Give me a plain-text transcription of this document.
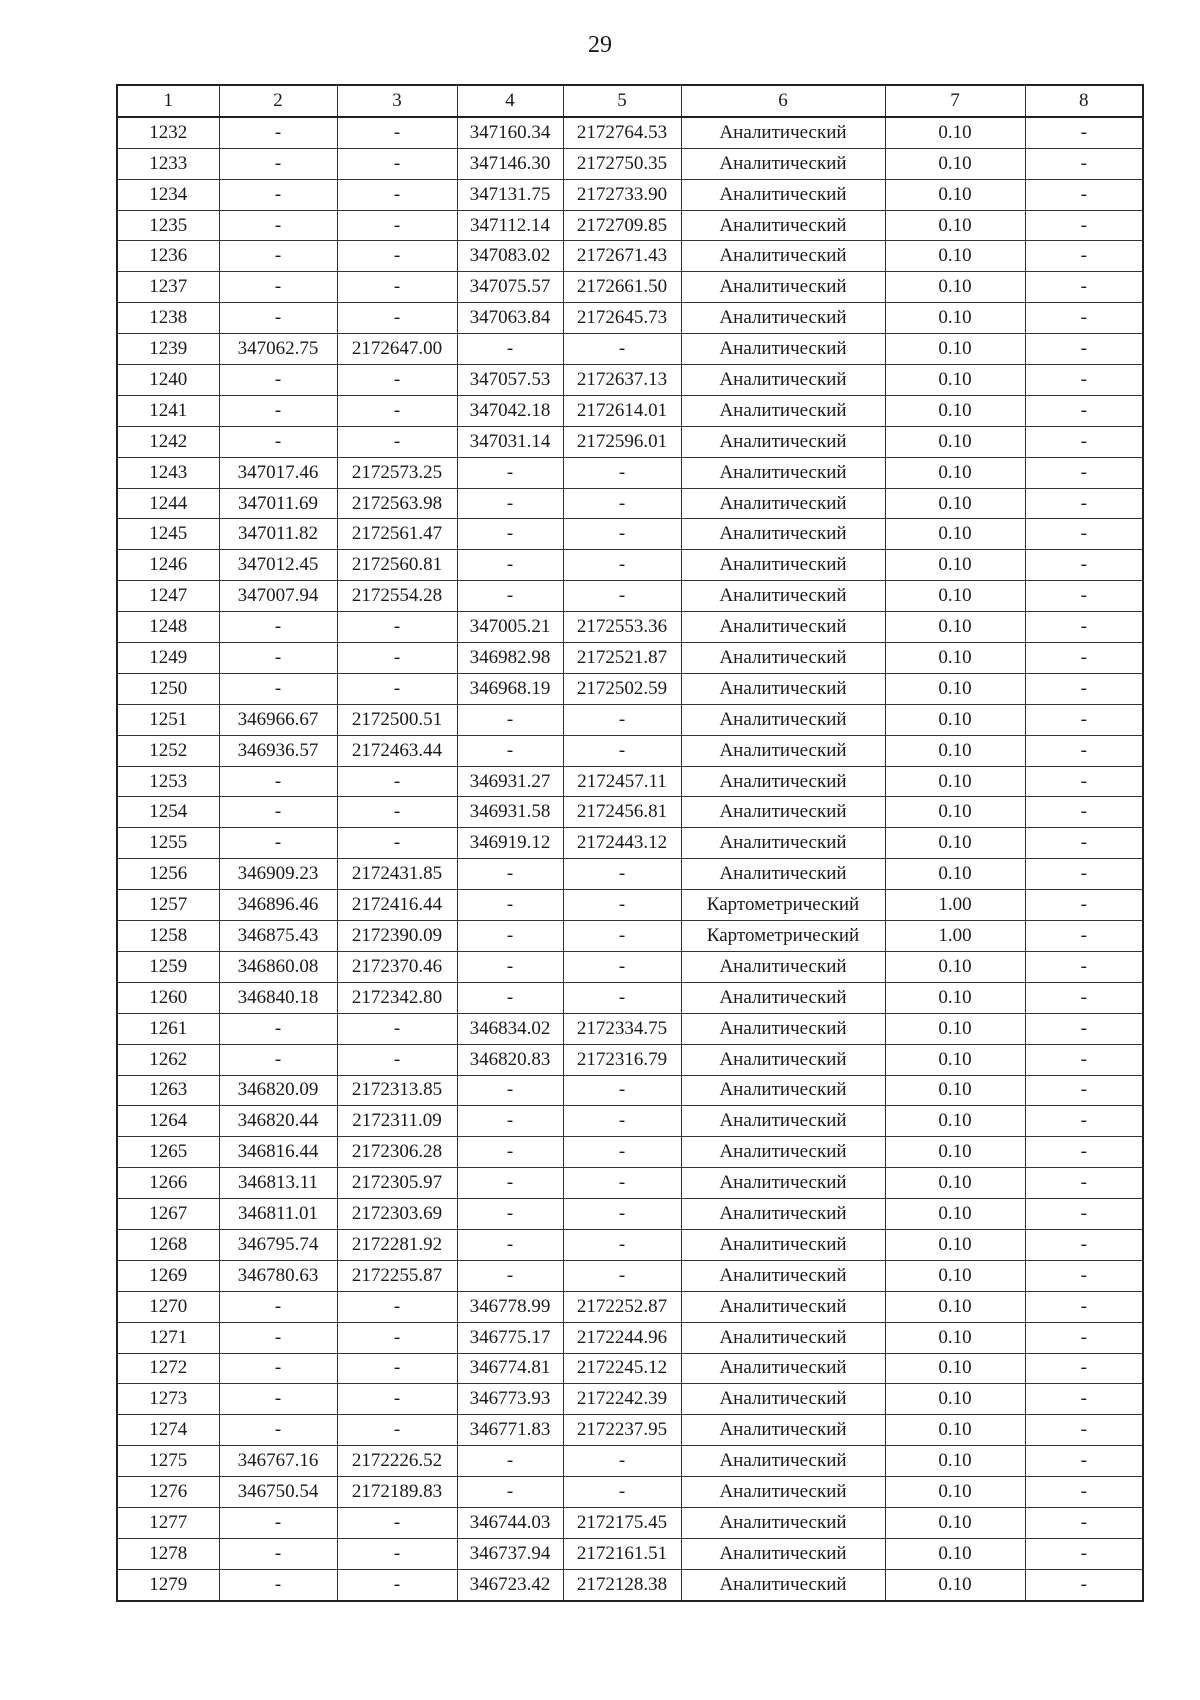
29
1	2	3	4	5	6	7	8
1232	-	-	347160.34	2172764.53	Аналитический	0.10	-
1233	-	-	347146.30	2172750.35	Аналитический	0.10	-
1234	-	-	347131.75	2172733.90	Аналитический	0.10	-
1235	-	-	347112.14	2172709.85	Аналитический	0.10	-
1236	-	-	347083.02	2172671.43	Аналитический	0.10	-
1237	-	-	347075.57	2172661.50	Аналитический	0.10	-
1238	-	-	347063.84	2172645.73	Аналитический	0.10	-
1239	347062.75	2172647.00	-	-	Аналитический	0.10	-
1240	-	-	347057.53	2172637.13	Аналитический	0.10	-
1241	-	-	347042.18	2172614.01	Аналитический	0.10	-
1242	-	-	347031.14	2172596.01	Аналитический	0.10	-
1243	347017.46	2172573.25	-	-	Аналитический	0.10	-
1244	347011.69	2172563.98	-	-	Аналитический	0.10	-
1245	347011.82	2172561.47	-	-	Аналитический	0.10	-
1246	347012.45	2172560.81	-	-	Аналитический	0.10	-
1247	347007.94	2172554.28	-	-	Аналитический	0.10	-
1248	-	-	347005.21	2172553.36	Аналитический	0.10	-
1249	-	-	346982.98	2172521.87	Аналитический	0.10	-
1250	-	-	346968.19	2172502.59	Аналитический	0.10	-
1251	346966.67	2172500.51	-	-	Аналитический	0.10	-
1252	346936.57	2172463.44	-	-	Аналитический	0.10	-
1253	-	-	346931.27	2172457.11	Аналитический	0.10	-
1254	-	-	346931.58	2172456.81	Аналитический	0.10	-
1255	-	-	346919.12	2172443.12	Аналитический	0.10	-
1256	346909.23	2172431.85	-	-	Аналитический	0.10	-
1257	346896.46	2172416.44	-	-	Картометрический	1.00	-
1258	346875.43	2172390.09	-	-	Картометрический	1.00	-
1259	346860.08	2172370.46	-	-	Аналитический	0.10	-
1260	346840.18	2172342.80	-	-	Аналитический	0.10	-
1261	-	-	346834.02	2172334.75	Аналитический	0.10	-
1262	-	-	346820.83	2172316.79	Аналитический	0.10	-
1263	346820.09	2172313.85	-	-	Аналитический	0.10	-
1264	346820.44	2172311.09	-	-	Аналитический	0.10	-
1265	346816.44	2172306.28	-	-	Аналитический	0.10	-
1266	346813.11	2172305.97	-	-	Аналитический	0.10	-
1267	346811.01	2172303.69	-	-	Аналитический	0.10	-
1268	346795.74	2172281.92	-	-	Аналитический	0.10	-
1269	346780.63	2172255.87	-	-	Аналитический	0.10	-
1270	-	-	346778.99	2172252.87	Аналитический	0.10	-
1271	-	-	346775.17	2172244.96	Аналитический	0.10	-
1272	-	-	346774.81	2172245.12	Аналитический	0.10	-
1273	-	-	346773.93	2172242.39	Аналитический	0.10	-
1274	-	-	346771.83	2172237.95	Аналитический	0.10	-
1275	346767.16	2172226.52	-	-	Аналитический	0.10	-
1276	346750.54	2172189.83	-	-	Аналитический	0.10	-
1277	-	-	346744.03	2172175.45	Аналитический	0.10	-
1278	-	-	346737.94	2172161.51	Аналитический	0.10	-
1279	-	-	346723.42	2172128.38	Аналитический	0.10	-
